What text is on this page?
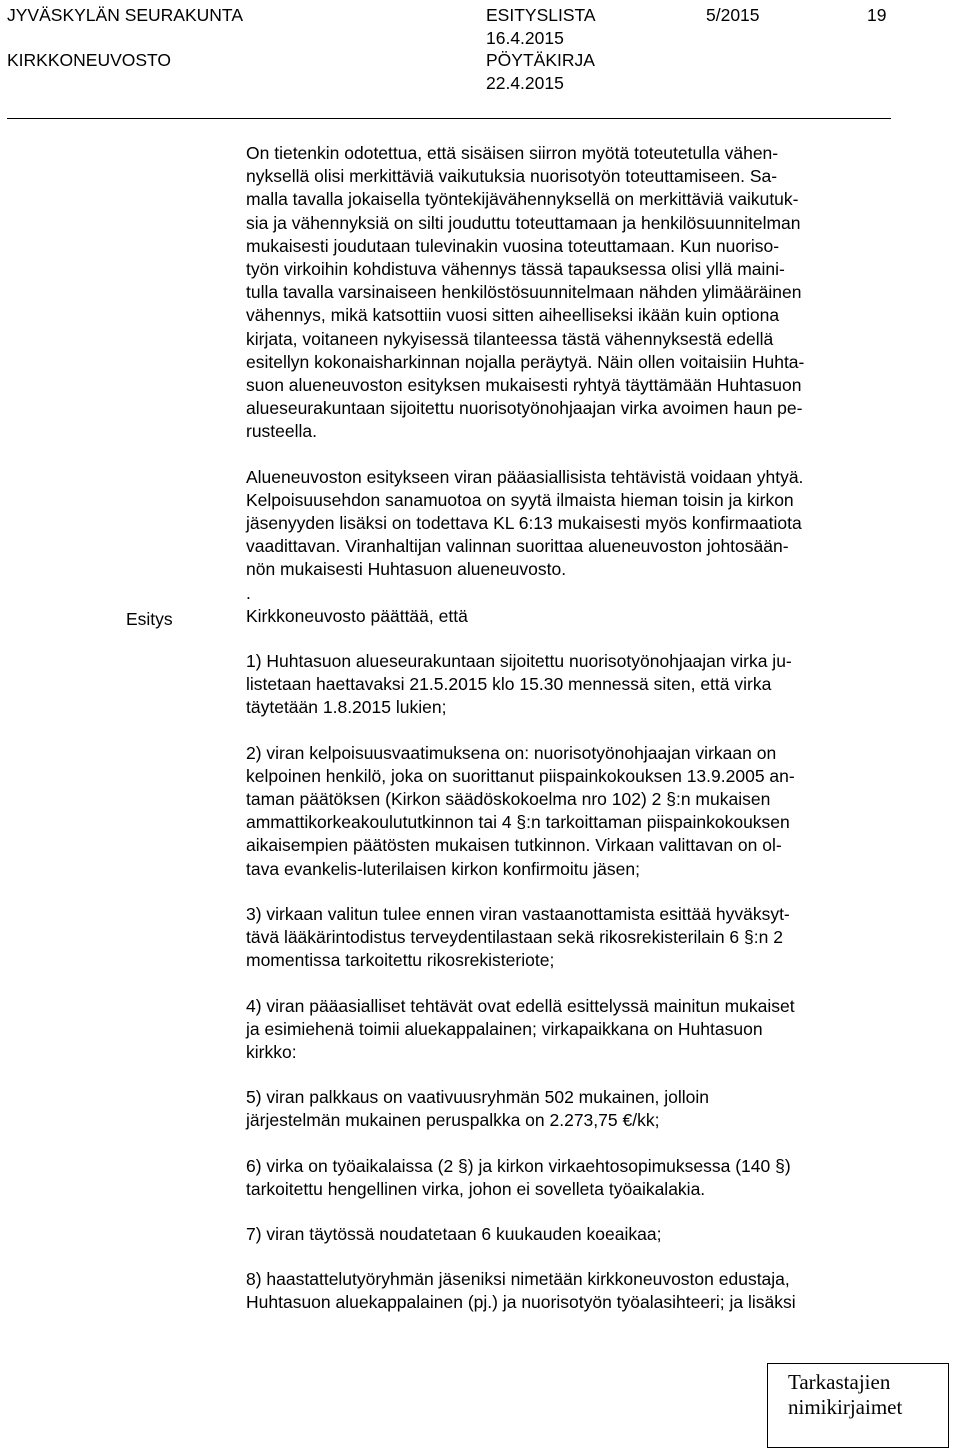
JYVÄSKYLÄN SEURAKUNTA
KIRKKONEUVOSTO
ESITYSLISTA
16.4.2015
PÖYTÄKIRJA
22.4.2015
5/2015	19

On tietenkin odotettua, että sisäisen siirron myötä toteutetulla vähen-
nyksellä olisi merkittäviä vaikutuksia nuorisotyön toteuttamiseen. Sa-
malla tavalla jokaisella työntekijävähennyksellä on merkittäviä vaikutuk-
sia ja vähennyksiä on silti jouduttu toteuttamaan ja henkilösuunnitelman
mukaisesti joudutaan tulevinakin vuosina toteuttamaan. Kun nuoriso-
työn virkoihin kohdistuva vähennys tässä tapauksessa olisi yllä maini-
tulla tavalla varsinaiseen henkilöstösuunnitelmaan nähden ylimääräinen
vähennys, mikä katsottiin vuosi sitten aiheelliseksi ikään kuin optiona
kirjata, voitaneen nykyisessä tilanteessa tästä vähennyksestä edellä
esitellyn kokonaisharkinnan nojalla peräytyä. Näin ollen voitaisiin Huhta-
suon alueneuvoston esityksen mukaisesti ryhtyä täyttämään Huhtasuon
alueseurakuntaan sijoitettu nuorisotyönohjaajan virka avoimen haun pe-
rusteella.

Alueneuvoston esitykseen viran pääasiallisista tehtävistä voidaan yhtyä.
Kelpoisuusehdon sanamuotoa on syytä ilmaista hieman toisin ja kirkon
jäsenyyden lisäksi on todettava KL 6:13 mukaisesti myös konfirmaatiota
vaadittavan. Viranhaltijan valinnan suorittaa alueneuvoston johtosään-
nön mukaisesti Huhtasuon alueneuvosto.
.
Kirkkoneuvosto päättää, että

1) Huhtasuon alueseurakuntaan sijoitettu nuorisotyönohjaajan virka ju-
listetaan haettavaksi 21.5.2015 klo 15.30 mennessä siten, että virka
täytetään 1.8.2015 lukien;

2) viran kelpoisuusvaatimuksena on: nuorisotyönohjaajan virkaan on
kelpoinen henkilö, joka on suorittanut piispainkokouksen 13.9.2005 an-
taman päätöksen (Kirkon säädöskokoelma nro 102) 2 §:n mukaisen
ammattikorkeakoulututkinnon tai 4 §:n tarkoittaman piispainkokouksen
aikaisempien päätösten mukaisen tutkinnon. Virkaan valittavan on ol-
tava evankelis-luterilaisen kirkon konfirmoitu jäsen;

3) virkaan valitun tulee ennen viran vastaanottamista esittää hyväksyt-
tävä lääkärintodistus terveydentilastaan sekä rikosrekisterilain 6 §:n 2
momentissa tarkoitettu rikosrekisteriote;

4) viran pääasialliset tehtävät ovat edellä esittelyssä mainitun mukaiset
ja esimiehenä toimii aluekappalainen; virkapaikkana on Huhtasuon
kirkko:

5) viran palkkaus on vaativuusryhmän 502 mukainen, jolloin
järjestelmän mukainen peruspalkka on 2.273,75 €/kk;

6) virka on työaikalaissa (2 §) ja kirkon virkaehtosopimuksessa (140 §)
tarkoitettu hengellinen virka, johon ei sovelleta työaikalakia.

7) viran täytössä noudatetaan 6 kuukauden koeaikaa;

8) haastattelutyöryhmän jäseniksi nimetään kirkkoneuvoston edustaja,
Huhtasuon aluekappalainen (pj.) ja nuorisotyön työalasihteeri; ja lisäksi

Esitys
Tarkastajien
nimikirjaimet
